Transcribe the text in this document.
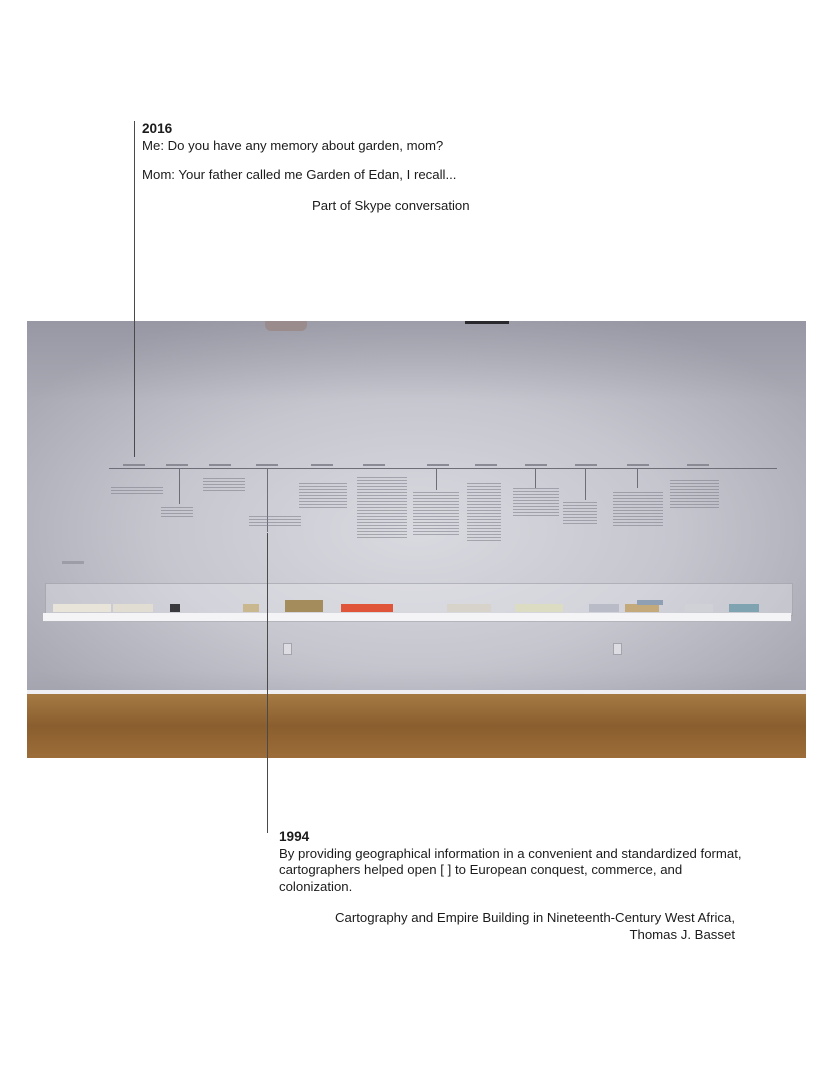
2016

Me: Do you have any memory about garden, mom?

Mom: Your father called me Garden of Edan, I recall...

Part of Skype conversation

1994

By providing geographical information in a convenient and standardized format, cartographers helped open [ ] to European conquest, commerce, and colonization.

Cartography and Empire Building in Nineteenth-Century West Africa,

Thomas J. Basset
